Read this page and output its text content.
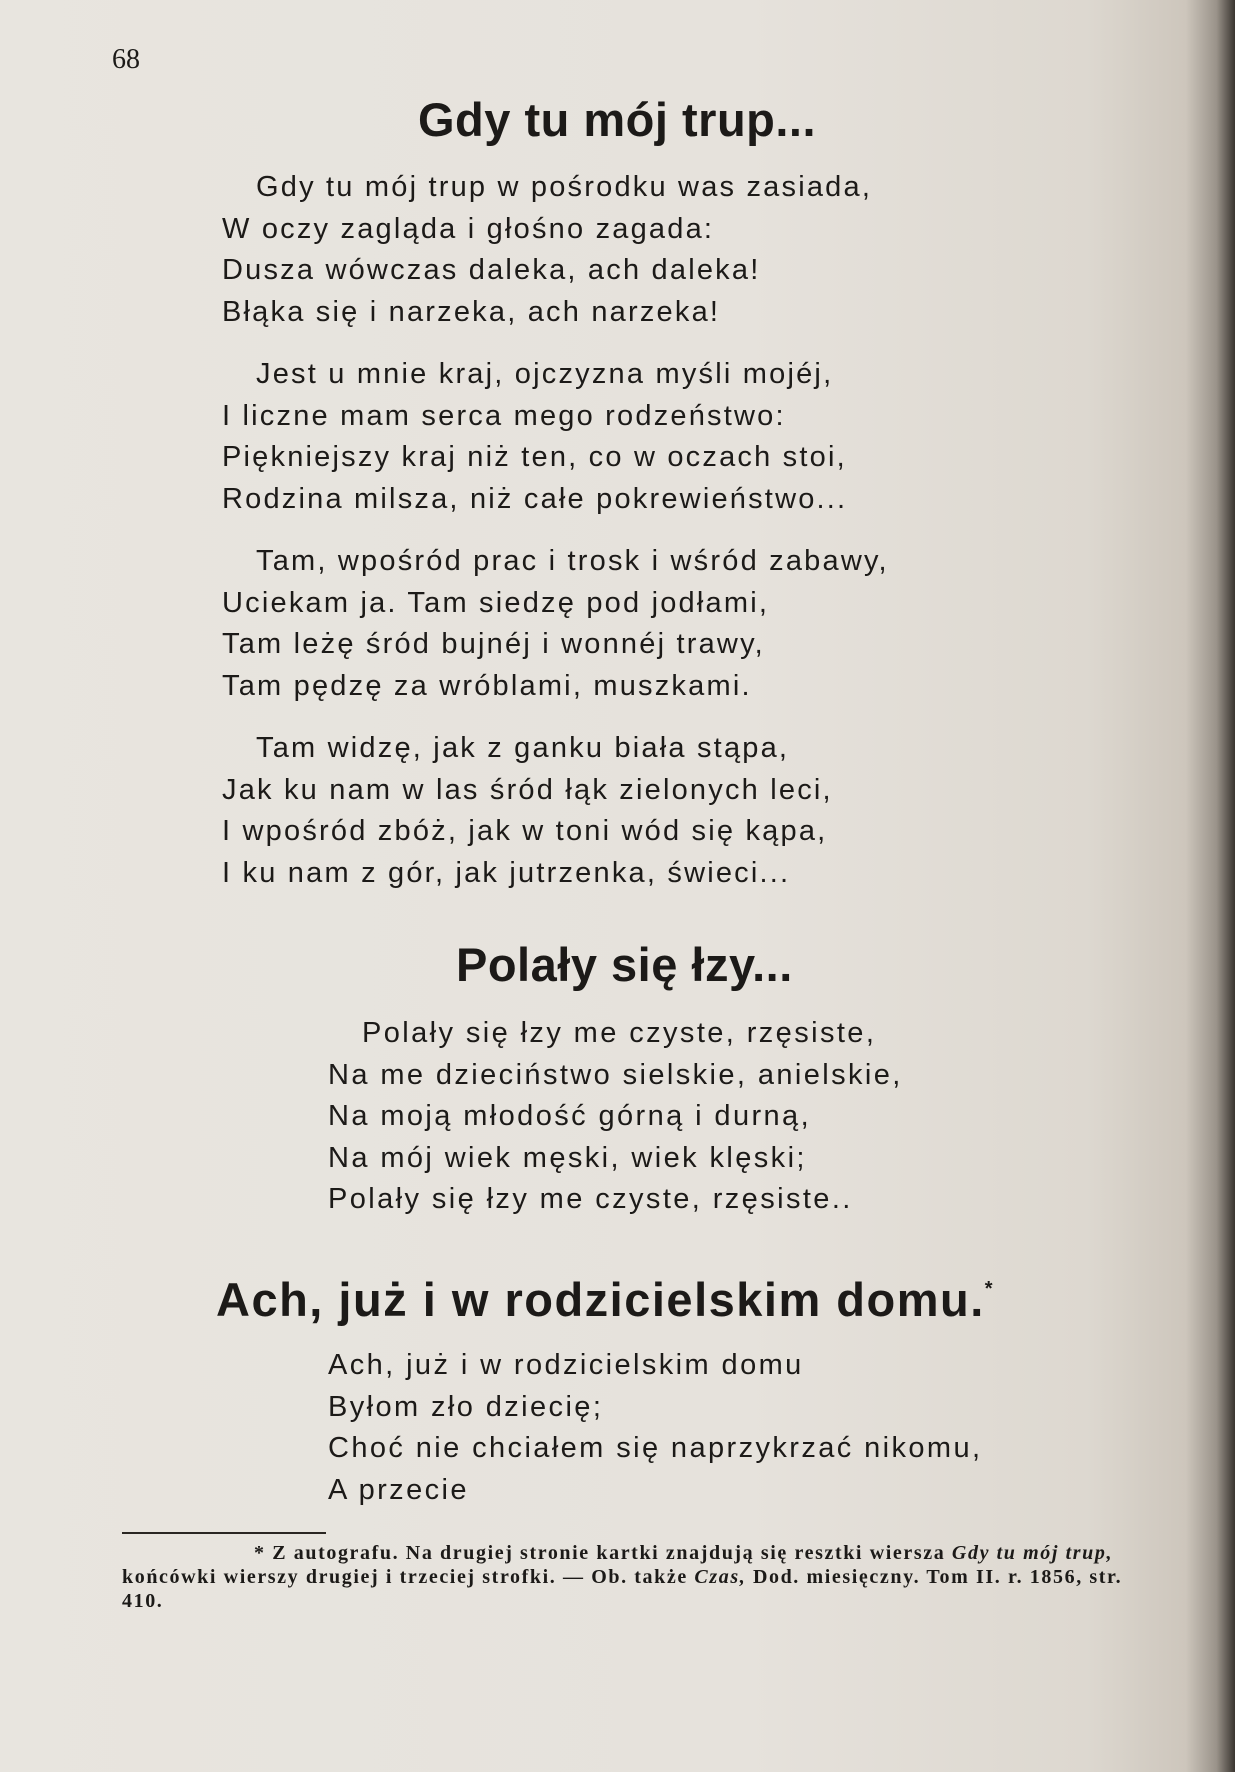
68
Gdy tu mój trup...
Gdy tu mój trup w pośrodku was zasiada,
W oczy zagląda i głośno zagada:
Dusza wówczas daleka, ach daleka!
Błąka się i narzeka, ach narzeka!
Jest u mnie kraj, ojczyzna myśli mojéj,
I liczne mam serca mego rodzeństwo:
Piękniejszy kraj niż ten, co w oczach stoi,
Rodzina milsza, niż całe pokrewieństwo...
Tam, wpośród prac i trosk i wśród zabawy,
Uciekam ja. Tam siedzę pod jodłami,
Tam leżę śród bujnéj i wonnéj trawy,
Tam pędzę za wróblami, muszkami.
Tam widzę, jak z ganku biała stąpa,
Jak ku nam w las śród łąk zielonych leci,
I wpośród zbóż, jak w toni wód się kąpa,
I ku nam z gór, jak jutrzenka, świeci...
Polały się łzy...
Polały się łzy me czyste, rzęsiste,
Na me dzieciństwo sielskie, anielskie,
Na moją młodość górną i durną,
Na mój wiek męski, wiek klęski;
Polały się łzy me czyste, rzęsiste..
Ach, już i w rodzicielskim domu.*
Ach, już i w rodzicielskim domu
Byłom zło dziecię;
Choć nie chciałem się naprzykrzać nikomu,
A przecie
* Z autografu. Na drugiej stronie kartki znajdują się resztki wiersza Gdy tu mój trup, końcówki wierszy drugiej i trzeciej strofki. — Ob. także Czas, Dod. miesięczny. Tom II. r. 1856, str. 410.
